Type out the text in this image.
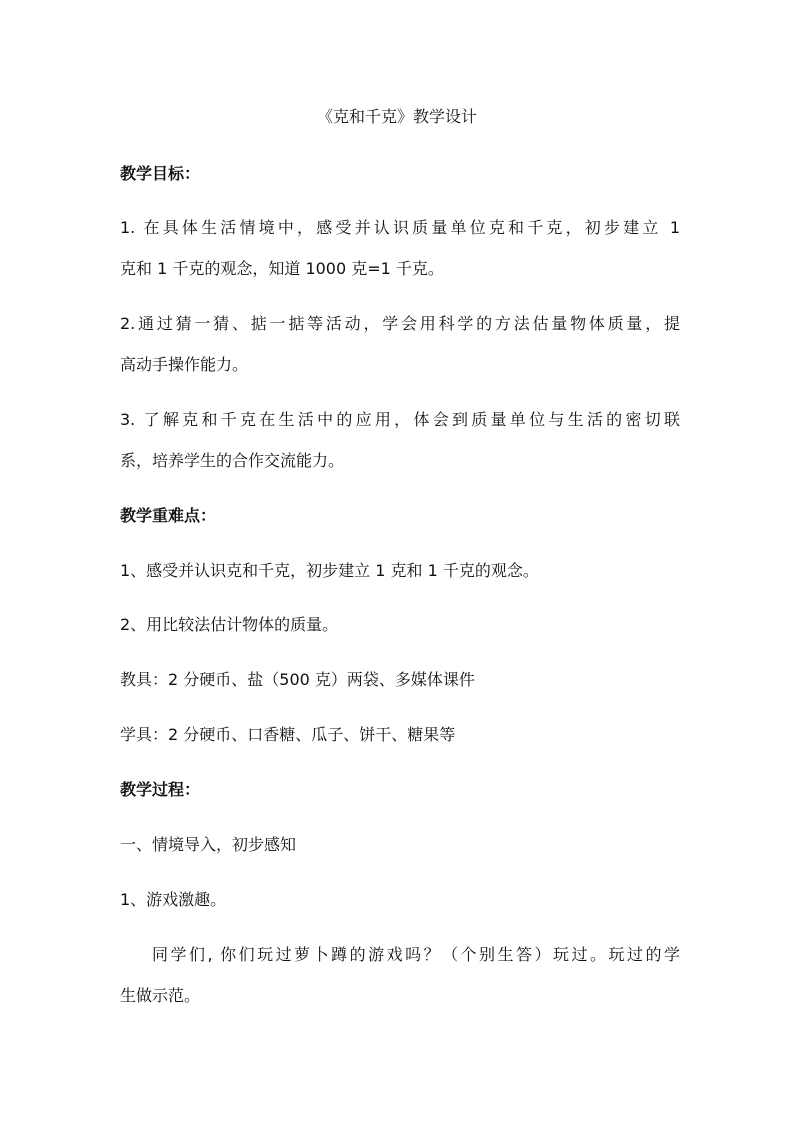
《克和千克》教学设计
教学目标：
1. 在具体生活情境中，感受并认识质量单位克和千克，初步建立 1
克和 1 千克的观念，知道 1000 克=1 千克。
2.通过猜一猜、掂一掂等活动，学会用科学的方法估量物体质量，提
高动手操作能力。
3. 了解克和千克在生活中的应用，体会到质量单位与生活的密切联
系，培养学生的合作交流能力。
教学重难点：
1、感受并认识克和千克，初步建立 1 克和 1 千克的观念。
2、用比较法估计物体的质量。
教具：2 分硬币、盐（500 克）两袋、多媒体课件
学具：2 分硬币、口香糖、瓜子、饼干、糖果等
教学过程：
一、情境导入，初步感知
1、游戏激趣。
同学们, 你们玩过萝卜蹲的游戏吗？（个别生答）玩过。玩过的学
生做示范。
